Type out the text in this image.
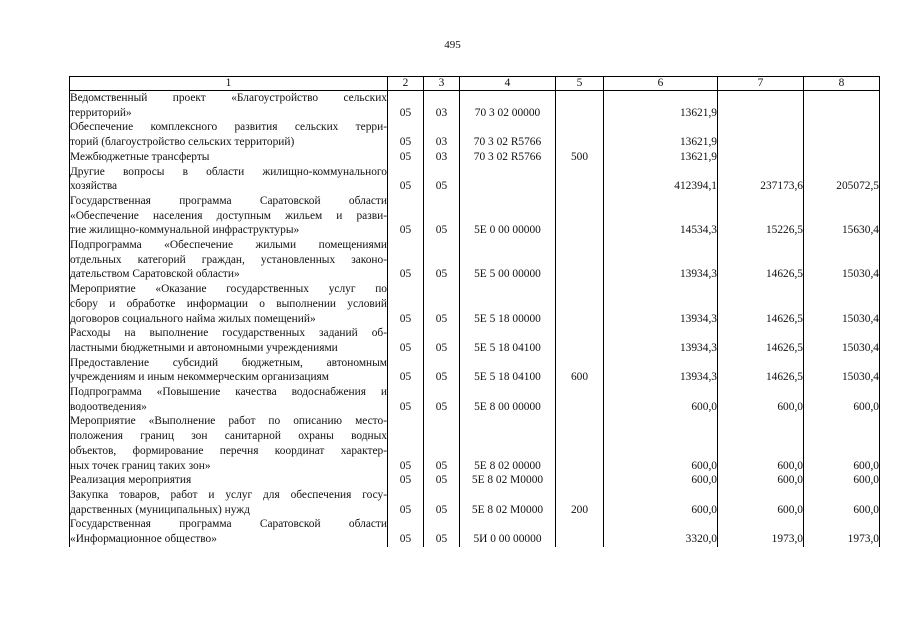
495
1	2	3	4	5	6	7	8

Ведомственный проект «Благоустройство сельских
территорий»	05	03	70 3 02 00000		13621,9		

Обеспечение комплексного развития сельских терри-
торий (благоустройство сельских территорий)	05	03	70 3 02 R5766		13621,9		

Межбюджетные трансферты	05	03	70 3 02 R5766	500	13621,9		

Другие вопросы в области жилищно-коммунального
хозяйства	05	05			412394,1	237173,6	205072,5

Государственная программа Саратовской области
«Обеспечение населения доступным жильем и разви-
тие жилищно-коммунальной инфраструктуры»	05	05	5Е 0 00 00000		14534,3	15226,5	15630,4

Подпрограмма «Обеспечение жилыми помещениями
отдельных категорий граждан, установленных законо-
дательством Саратовской области»	05	05	5Е 5 00 00000		13934,3	14626,5	15030,4

Мероприятие «Оказание государственных услуг по
сбору и обработке информации о выполнении условий
договоров социального найма жилых помещений»	05	05	5Е 5 18 00000		13934,3	14626,5	15030,4

Расходы на выполнение государственных заданий об-
ластными бюджетными и автономными учреждениями	05	05	5Е 5 18 04100		13934,3	14626,5	15030,4

Предоставление субсидий бюджетным, автономным
учреждениям и иным некоммерческим организациям	05	05	5Е 5 18 04100	600	13934,3	14626,5	15030,4

Подпрограмма «Повышение качества водоснабжения и
водоотведения»	05	05	5Е 8 00 00000		600,0	600,0	600,0

Мероприятие «Выполнение работ по описанию место-
положения границ зон санитарной охраны водных
объектов, формирование перечня координат характер-
ных точек границ таких зон»	05	05	5Е 8 02 00000		600,0	600,0	600,0

Реализация мероприятия	05	05	5Е 8 02 М0000		600,0	600,0	600,0

Закупка товаров, работ и услуг для обеспечения госу-
дарственных (муниципальных) нужд	05	05	5Е 8 02 М0000	200	600,0	600,0	600,0

Государственная программа Саратовской области
«Информационное общество»	05	05	5И 0 00 00000		3320,0	1973,0	1973,0
